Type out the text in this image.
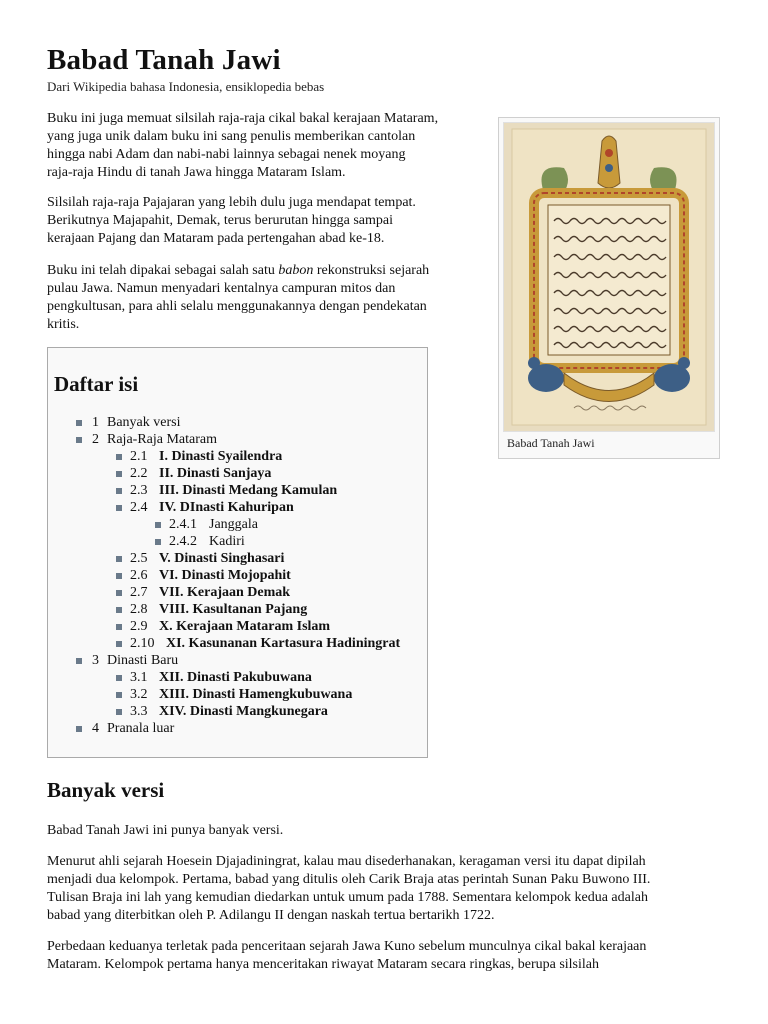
Babad Tanah Jawi
Dari Wikipedia bahasa Indonesia, ensiklopedia bebas

Buku ini juga memuat silsilah raja-raja cikal bakal kerajaan Mataram,
yang juga unik dalam buku ini sang penulis memberikan cantolan
hingga nabi Adam dan nabi-nabi lainnya sebagai nenek moyang
raja-raja Hindu di tanah Jawa hingga Mataram Islam.

Silsilah raja-raja Pajajaran yang lebih dulu juga mendapat tempat.
Berikutnya Majapahit, Demak, terus berurutan hingga sampai
kerajaan Pajang dan Mataram pada pertengahan abad ke-18.

Buku ini telah dipakai sebagai salah satu babon rekonstruksi sejarah
pulau Jawa. Namun menyadari kentalnya campuran mitos dan
pengkultusan, para ahli selalu menggunakannya dengan pendekatan
kritis.

Babad Tanah Jawi
Daftar isi
1 Banyak versi
2 Raja-Raja Mataram
2.1 I. Dinasti Syailendra
2.2 II. Dinasti Sanjaya
2.3 III. Dinasti Medang Kamulan
2.4 IV. DInasti Kahuripan
2.4.1 Janggala
2.4.2 Kadiri
2.5 V. Dinasti Singhasari
2.6 VI. Dinasti Mojopahit
2.7 VII. Kerajaan Demak
2.8 VIII. Kasultanan Pajang
2.9 X. Kerajaan Mataram Islam
2.10 XI. Kasunanan Kartasura Hadiningrat
3 Dinasti Baru
3.1 XII. Dinasti Pakubuwana
3.2 XIII. Dinasti Hamengkubuwana
3.3 XIV. Dinasti Mangkunegara
4 Pranala luar
Banyak versi

Babad Tanah Jawi ini punya banyak versi.

Menurut ahli sejarah Hoesein Djajadiningrat, kalau mau disederhanakan, keragaman versi itu dapat dipilah
menjadi dua kelompok. Pertama, babad yang ditulis oleh Carik Braja atas perintah Sunan Paku Buwono III.
Tulisan Braja ini lah yang kemudian diedarkan untuk umum pada 1788. Sementara kelompok kedua adalah
babad yang diterbitkan oleh P. Adilangu II dengan naskah tertua bertarikh 1722.

Perbedaan keduanya terletak pada penceritaan sejarah Jawa Kuno sebelum munculnya cikal bakal kerajaan
Mataram. Kelompok pertama hanya menceritakan riwayat Mataram secara ringkas, berupa silsilah
